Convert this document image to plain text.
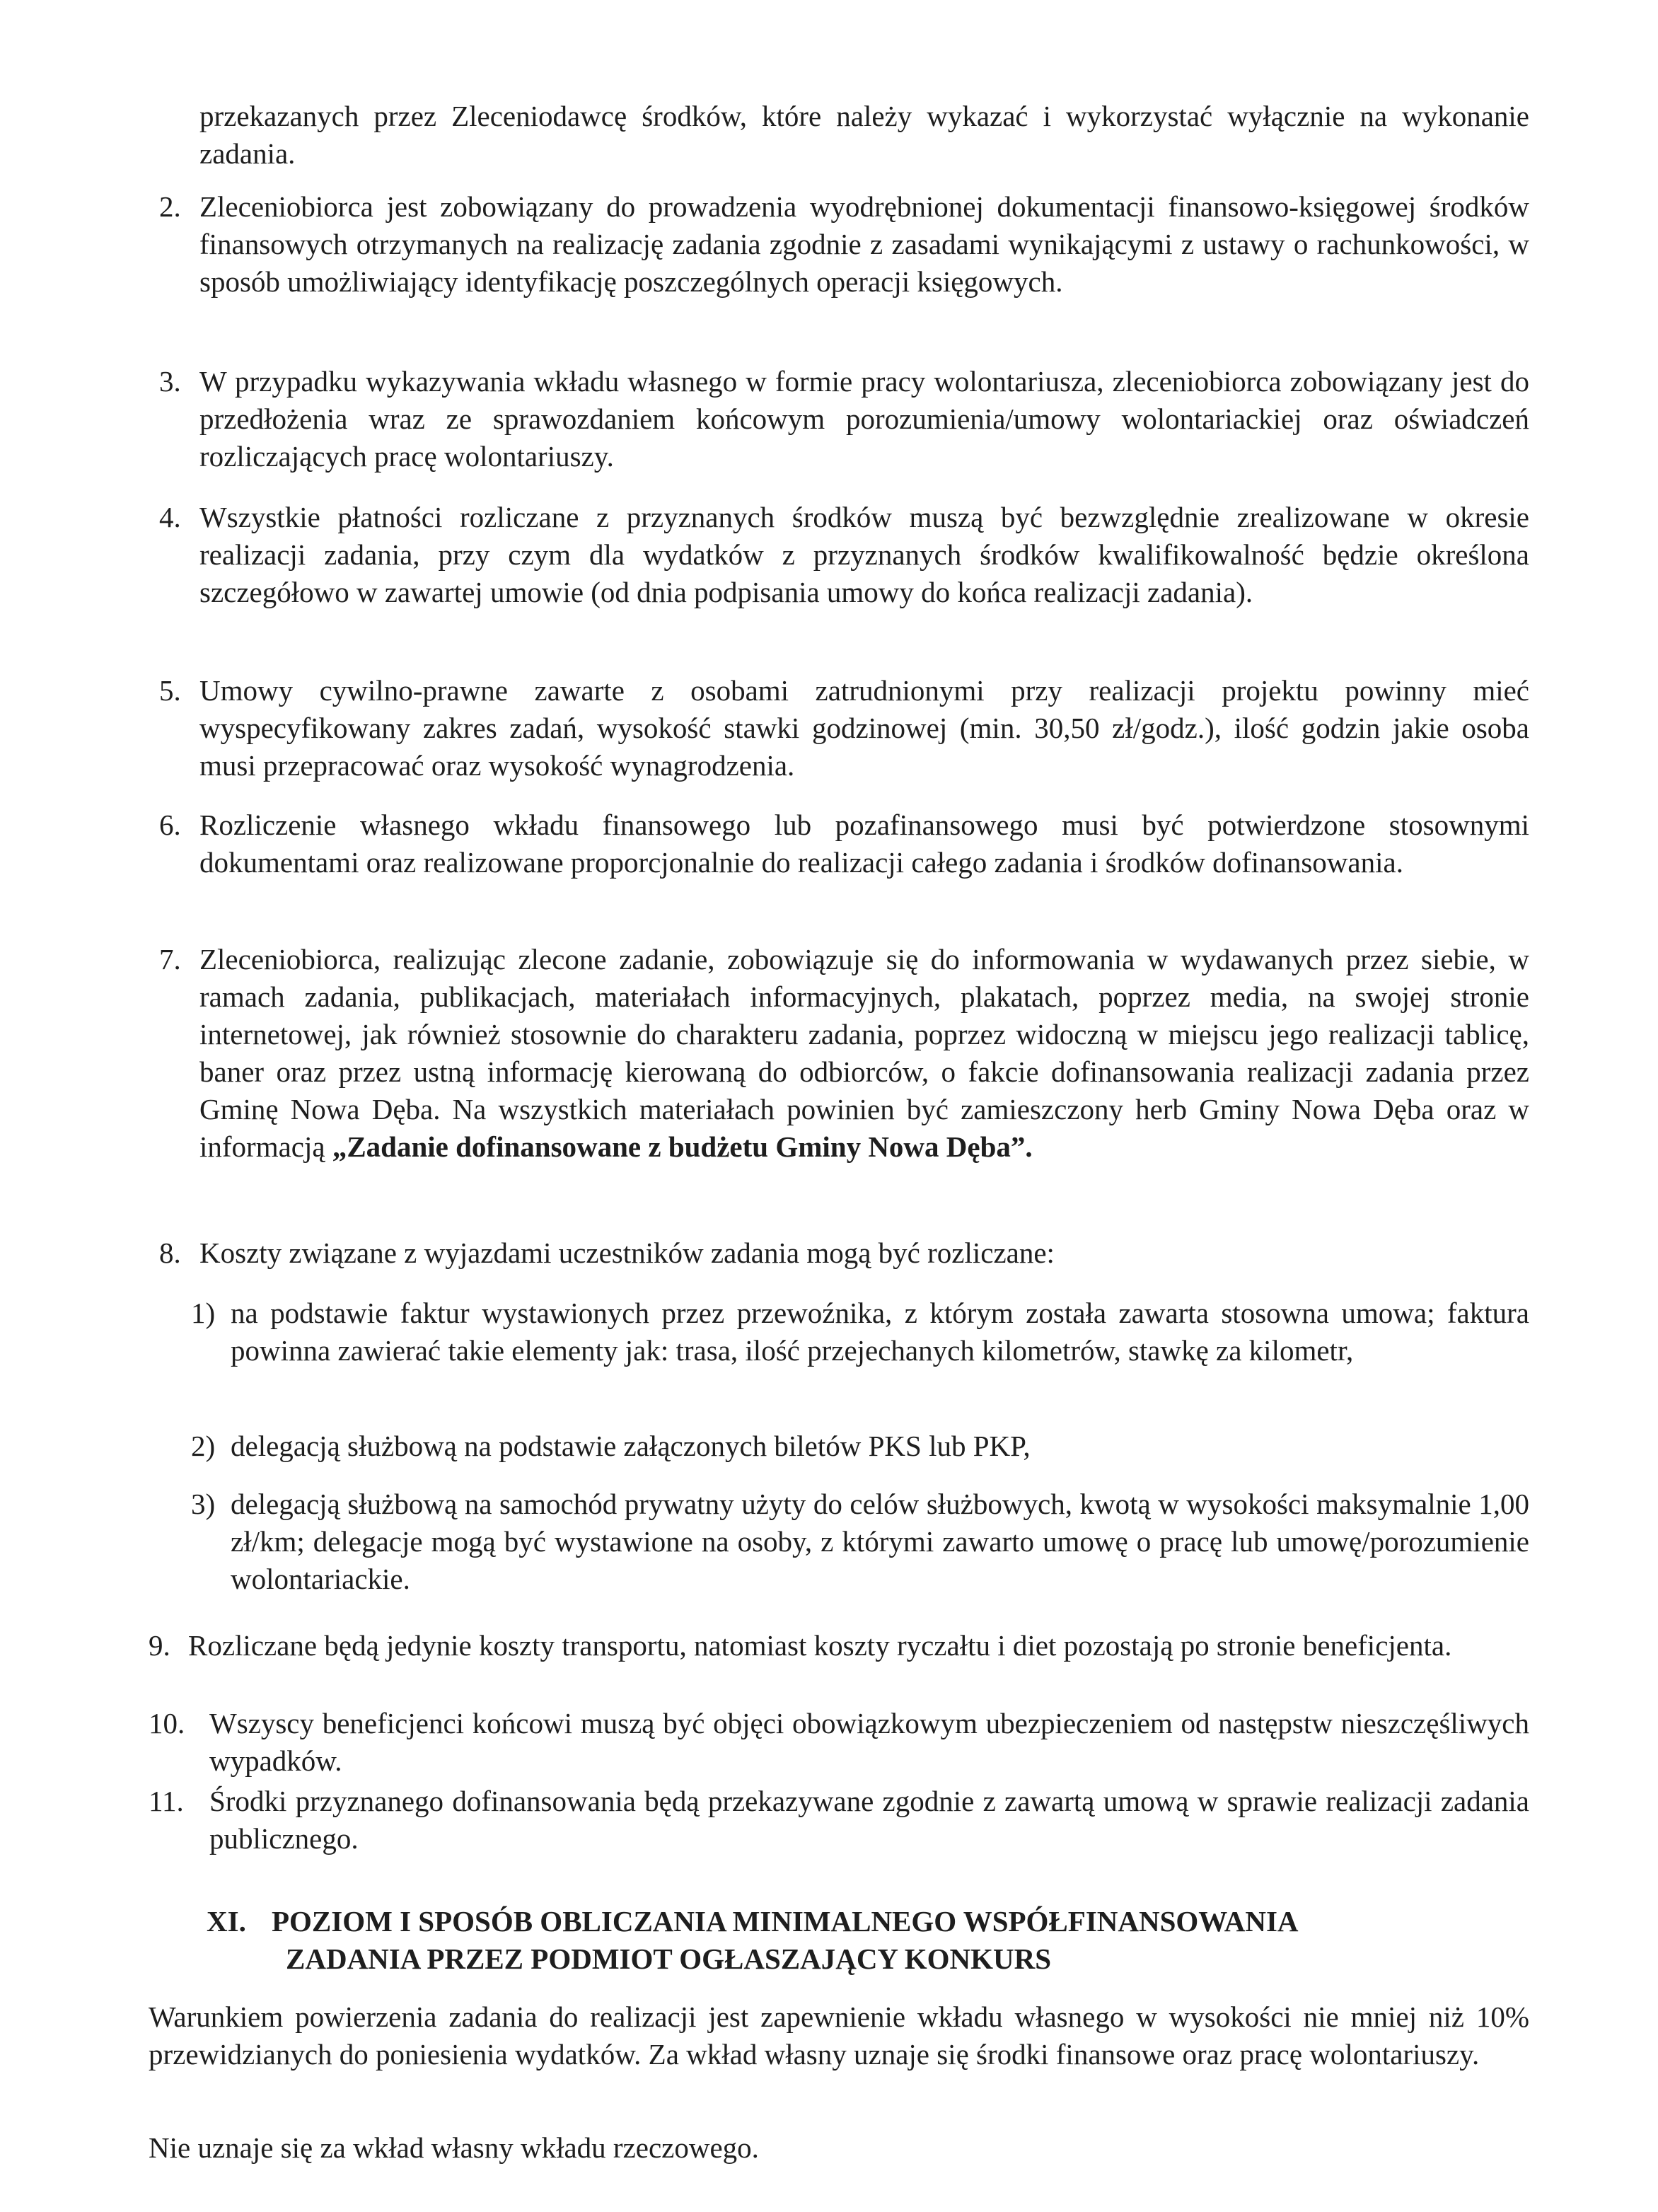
przekazanych przez Zleceniodawcę środków, które należy wykazać i wykorzystać wyłącznie na wykonanie zadania.
2. Zleceniobiorca jest zobowiązany do prowadzenia wyodrębnionej dokumentacji finansowo-księgowej środków finansowych otrzymanych na realizację zadania zgodnie z zasadami wynikającymi z ustawy o rachunkowości, w sposób umożliwiający identyfikację poszczególnych operacji księgowych.
3. W przypadku wykazywania wkładu własnego w formie pracy wolontariusza, zleceniobiorca zobowiązany jest do przedłożenia wraz ze sprawozdaniem końcowym porozumienia/umowy wolontariackiej oraz oświadczeń rozliczających pracę wolontariuszy.
4. Wszystkie płatności rozliczane z przyznanych środków muszą być bezwzględnie zrealizowane w okresie realizacji zadania, przy czym dla wydatków z przyznanych środków kwalifikowalność będzie określona szczegółowo w zawartej umowie (od dnia podpisania umowy do końca realizacji zadania).
5. Umowy cywilno-prawne zawarte z osobami zatrudnionymi przy realizacji projektu powinny mieć wyspecyfikowany zakres zadań, wysokość stawki godzinowej (min. 30,50 zł/godz.), ilość godzin jakie osoba musi przepracować oraz wysokość wynagrodzenia.
6. Rozliczenie własnego wkładu finansowego lub pozafinansowego musi być potwierdzone stosownymi dokumentami oraz realizowane proporcjonalnie do realizacji całego zadania i środków dofinansowania.
7. Zleceniobiorca, realizując zlecone zadanie, zobowiązuje się do informowania w wydawanych przez siebie, w ramach zadania, publikacjach, materiałach informacyjnych, plakatach, poprzez media, na swojej stronie internetowej, jak również stosownie do charakteru zadania, poprzez widoczną w miejscu jego realizacji tablicę, baner oraz przez ustną informację kierowaną do odbiorców, o fakcie dofinansowania realizacji zadania przez Gminę Nowa Dęba. Na wszystkich materiałach powinien być zamieszczony herb Gminy Nowa Dęba oraz w informacją „Zadanie dofinansowane z budżetu Gminy Nowa Dęba”.
8. Koszty związane z wyjazdami uczestników zadania mogą być rozliczane:
1) na podstawie faktur wystawionych przez przewoźnika, z którym została zawarta stosowna umowa; faktura powinna zawierać takie elementy jak: trasa, ilość przejechanych kilometrów, stawkę za kilometr,
2) delegacją służbową na podstawie załączonych biletów PKS lub PKP,
3) delegacją służbową na samochód prywatny użyty do celów służbowych, kwotą w wysokości maksymalnie 1,00 zł/km; delegacje mogą być wystawione na osoby, z którymi zawarto umowę o pracę lub umowę/porozumienie wolontariackie.
9. Rozliczane będą jedynie koszty transportu, natomiast koszty ryczałtu i diet pozostają po stronie beneficjenta.
10. Wszyscy beneficjenci końcowi muszą być objęci obowiązkowym ubezpieczeniem od następstw nieszczęśliwych wypadków.
11. Środki przyznanego dofinansowania będą przekazywane zgodnie z zawartą umową w sprawie realizacji zadania publicznego.
XI. POZIOM I SPOSÓB OBLICZANIA MINIMALNEGO WSPÓŁFINANSOWANIA
ZADANIA PRZEZ PODMIOT OGŁASZAJĄCY KONKURS
Warunkiem powierzenia zadania do realizacji jest zapewnienie wkładu własnego w wysokości nie mniej niż 10% przewidzianych do poniesienia wydatków. Za wkład własny uznaje się środki finansowe oraz pracę wolontariuszy.
Nie uznaje się za wkład własny wkładu rzeczowego.
